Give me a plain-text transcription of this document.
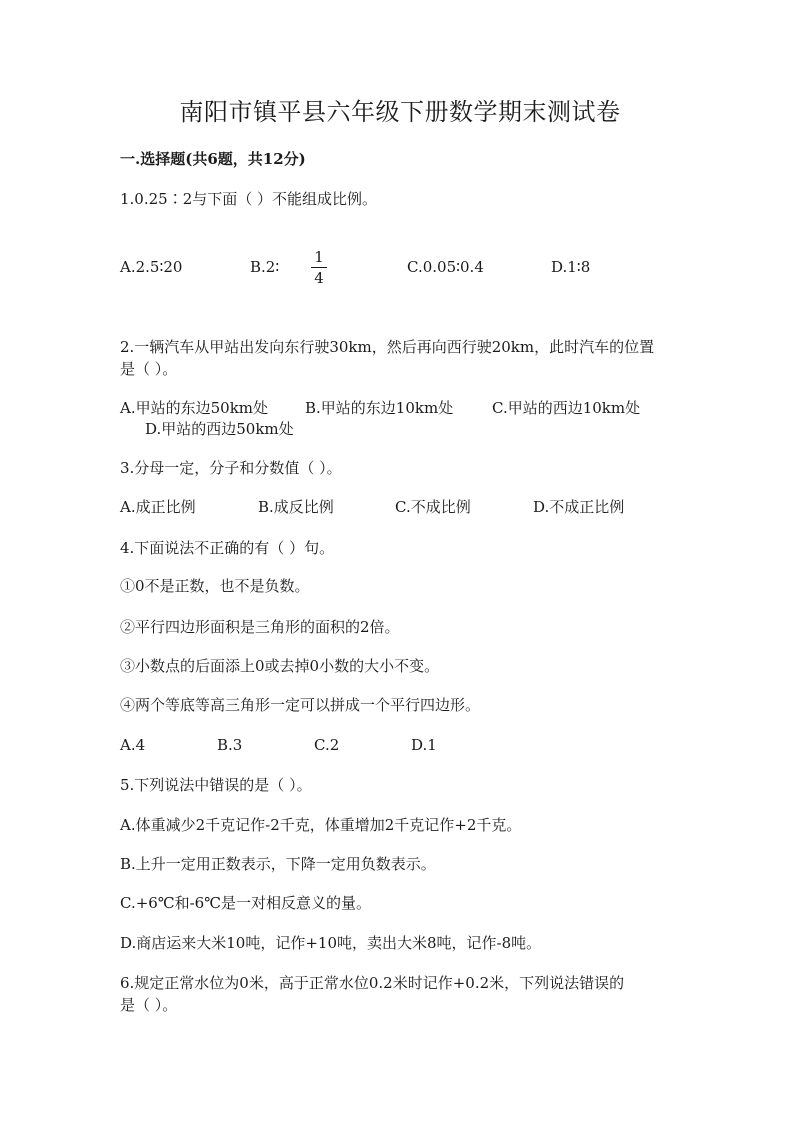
南阳市镇平县六年级下册数学期末测试卷
一.选择题(共6题，共12分)
1.0.25∶2与下面（ ）不能组成比例。
A.2.5∶20	B.2∶
1
4
C.0.05∶0.4	D.1∶8
2.一辆汽车从甲站出发向东行驶30km，然后再向西行驶20km，此时汽车的位置
是（ ）。
A.甲站的东边50km处 B.甲站的东边10km处	C.甲站的西边10km处
D.甲站的西边50km处
3.分母一定，分子和分数值（ ）。
A.成正比例	B.成反比例	C.不成比例	D.不成正比例
4.下面说法不正确的有（ ）句。
①0不是正数，也不是负数。
②平行四边形面积是三角形的面积的2倍。
③小数点的后面添上0或去掉0小数的大小不变。
④两个等底等高三角形一定可以拼成一个平行四边形。
A.4	B.3	C.2	D.1
5.下列说法中错误的是（ ）。
A.体重减少2千克记作-2千克，体重增加2千克记作+2千克。
B.上升一定用正数表示，下降一定用负数表示。
C.+6℃和-6℃是一对相反意义的量。
D.商店运来大米10吨，记作+10吨，卖出大米8吨，记作-8吨。
6.规定正常水位为0米，高于正常水位0.2米时记作+0.2米，下列说法错误的
是（ ）。
